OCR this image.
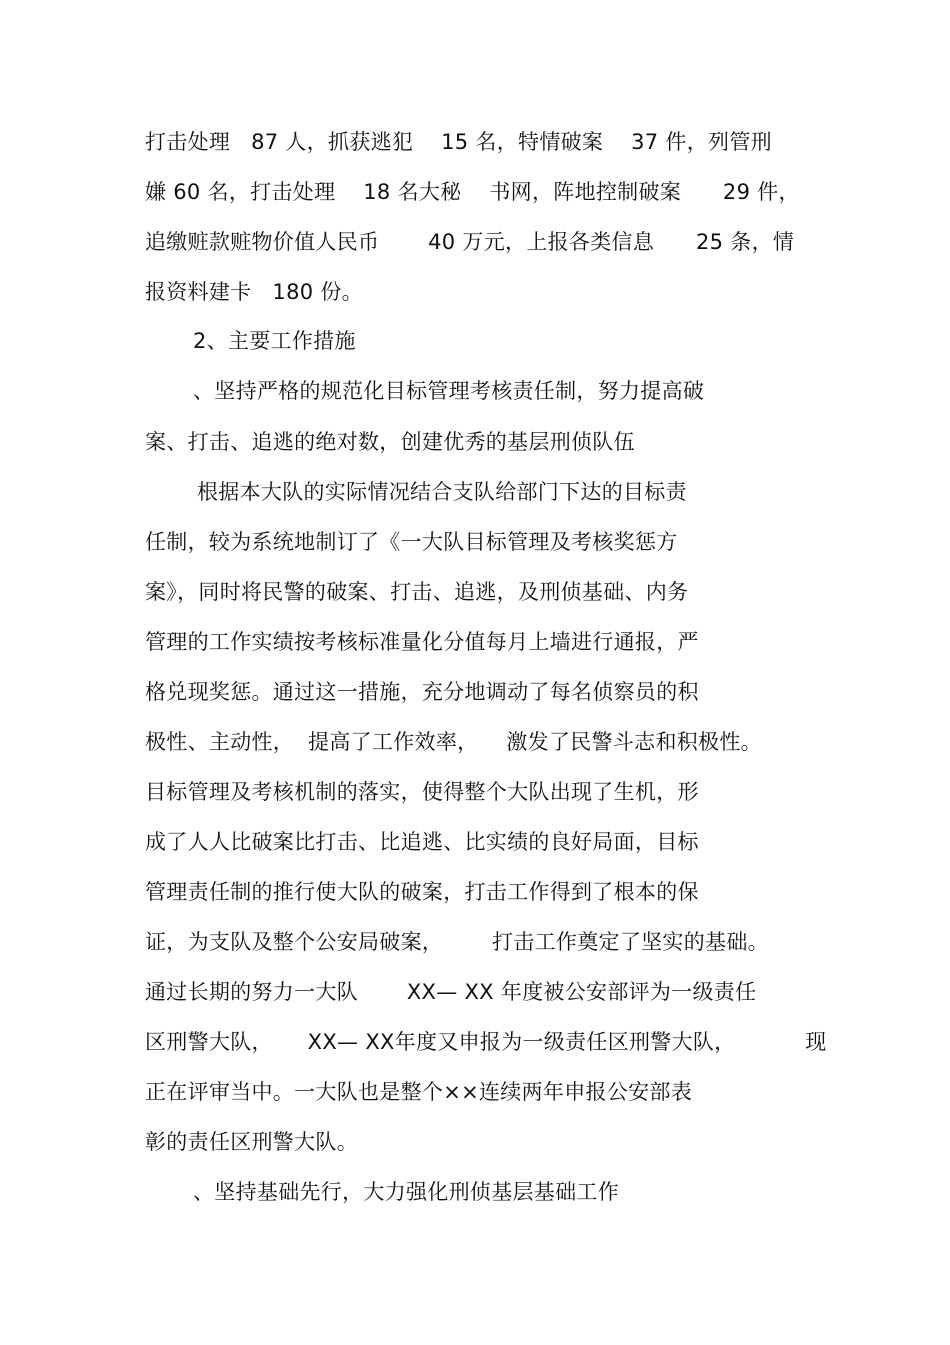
打击处理   87 人，抓获逃犯    15 名，特情破案    37 件，列管刑
嫌 60 名，打击处理    18 名大秘    书网，阵地控制破案      29 件，
追缴赃款赃物价值人民币       40 万元，上报各类信息      25 条，情
报资料建卡   180 份。
2、主要工作措施
、坚持严格的规范化目标管理考核责任制，努力提高破
案、打击、追逃的绝对数，创建优秀的基层刑侦队伍
根据本大队的实际情况结合支队给部门下达的目标责
任制，较为系统地制订了《一大队目标管理及考核奖惩方
案》，同时将民警的破案、打击、追逃，及刑侦基础、内务
管理的工作实绩按考核标准量化分值每月上墙进行通报，严
格兑现奖惩。通过这一措施，充分地调动了每名侦察员的积
极性、主动性，  提高了工作效率，    激发了民警斗志和积极性。
目标管理及考核机制的落实，使得整个大队出现了生机，形
成了人人比破案比打击、比追逃、比实绩的良好局面，目标
管理责任制的推行使大队的破案，打击工作得到了根本的保
证，为支队及整个公安局破案，       打击工作奠定了坚实的基础。
通过长期的努力一大队       XX— XX 年度被公安部评为一级责任
区刑警大队，     XX— XX年度又申报为一级责任区刑警大队，          现
正在评审当中。一大队也是整个××连续两年申报公安部表
彰的责任区刑警大队。
、坚持基础先行，大力强化刑侦基层基础工作
